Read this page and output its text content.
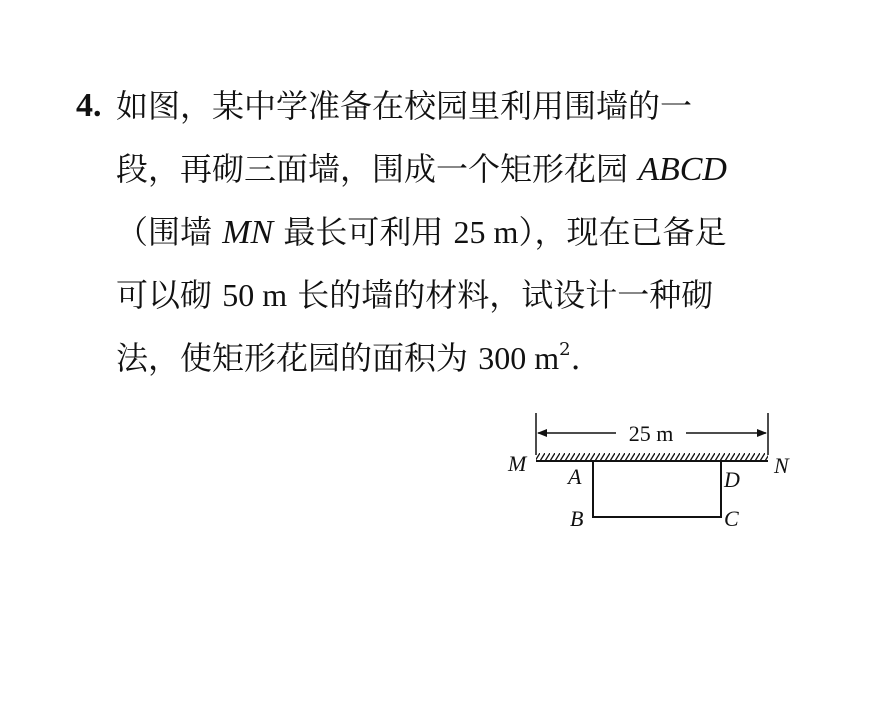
4. 如图，某中学准备在校园里利用围墙的一
段，再砌三面墙，围成一个矩形花园 ABCD
（围墙 MN 最长可利用 25 m），现在已备足
可以砌 50 m 长的墙的材料，试设计一种砌
法，使矩形花园的面积为 300 $m^2$.
25 m
M	N
A	D
B	C
